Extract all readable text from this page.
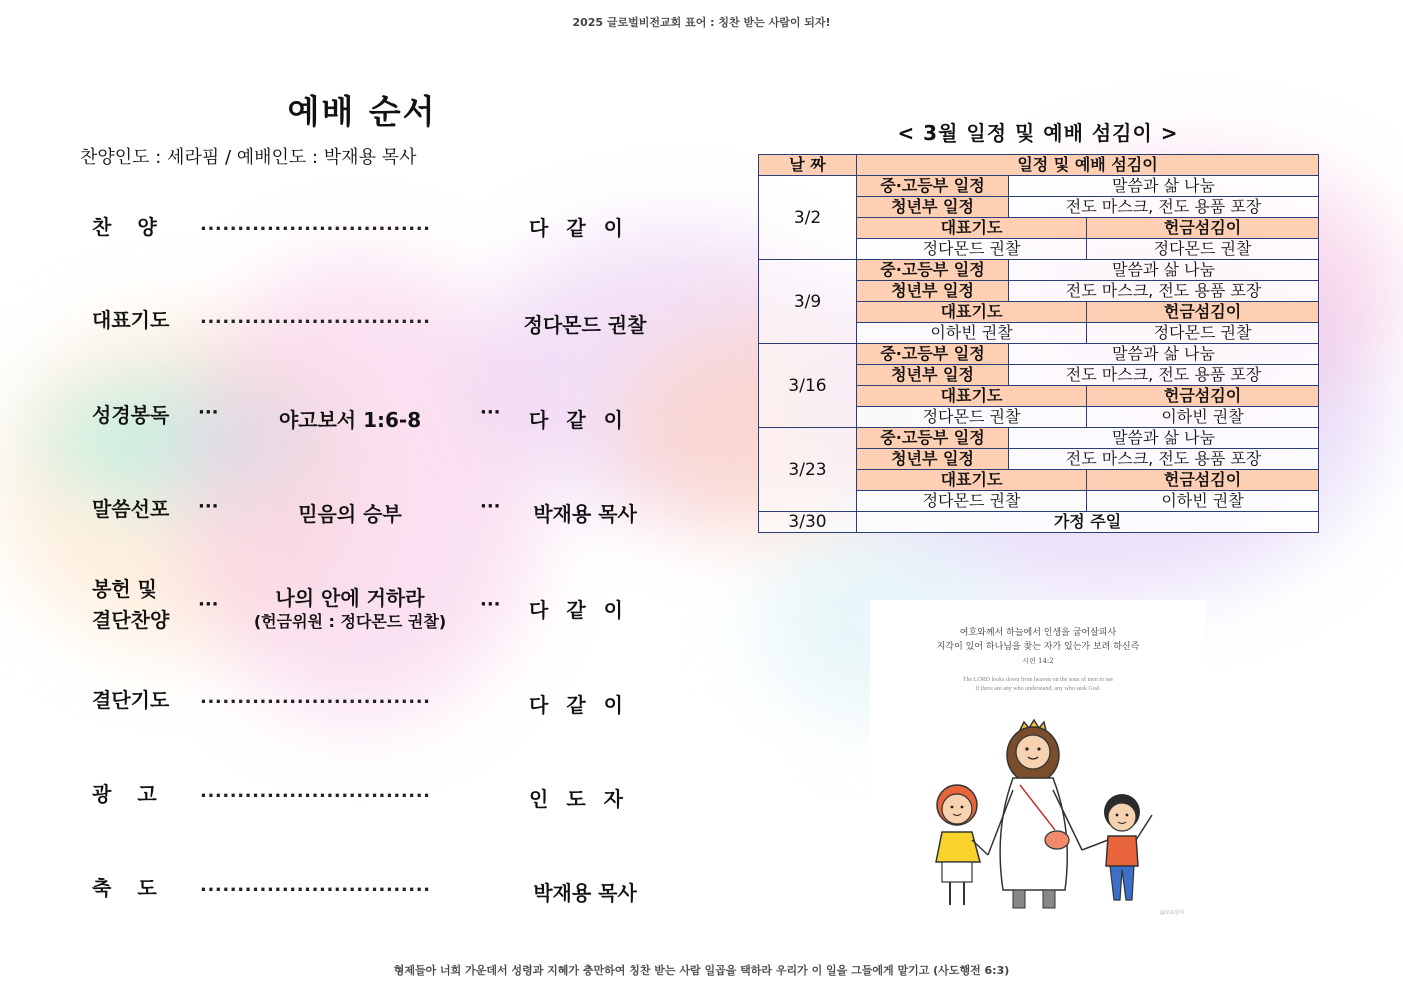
2025 글로벌비전교회 표어 : 칭찬 받는 사람이 되자!
예배 순서
찬양인도 : 세라핌 / 예배인도 : 박재용 목사
찬양 ...............................	다같이
대표기도	...............................	정다몬드 권찰
성경봉독	···	야고보서 1:6-8	···	다같이
말씀선포	···	믿음의 승부	···	박재용 목사
봉헌 및
결단찬양
···	나의 안에 거하라
(헌금위원 : 정다몬드 권찰)
···	다같이
결단기도	...............................	다같이
광고 ...............................	인도자
축도 ...............................	박재용 목사
< 3월 일정 및 예배 섬김이 >
날 짜	일정 및 예배 섬김이		
3/2	중·고등부 일정	말씀과 삶 나눔	
	청년부 일정	전도 마스크, 전도 용품 포장	
	대표기도		헌금섬김이
	정다몬드 권찰		정다몬드 권찰
3/9	중·고등부 일정	말씀과 삶 나눔	
	청년부 일정	전도 마스크, 전도 용품 포장	
	대표기도		헌금섬김이
	이하빈 권찰		정다몬드 권찰
3/16	중·고등부 일정	말씀과 삶 나눔	
	청년부 일정	전도 마스크, 전도 용품 포장	
	대표기도		헌금섬김이
	정다몬드 권찰		이하빈 권찰
3/23	중·고등부 일정	말씀과 삶 나눔	
	청년부 일정	전도 마스크, 전도 용품 포장	
	대표기도		헌금섬김이
	정다몬드 권찰		이하빈 권찰
3/30	가정 주일		
여호와께서 하늘에서 인생을 굽어살피사
지각이 있어 하나님을 찾는 자가 있는가 보려 하신즉
시편 14:2
The LORD looks down from heaven on the sons of men to see
if there are any who understand, any who seek God.
@포포랑미
형제들아 너희 가운데서 성령과 지혜가 충만하여 칭찬 받는 사람 일곱을 택하라 우리가 이 일을 그들에게 맡기고 (사도행전 6:3)
